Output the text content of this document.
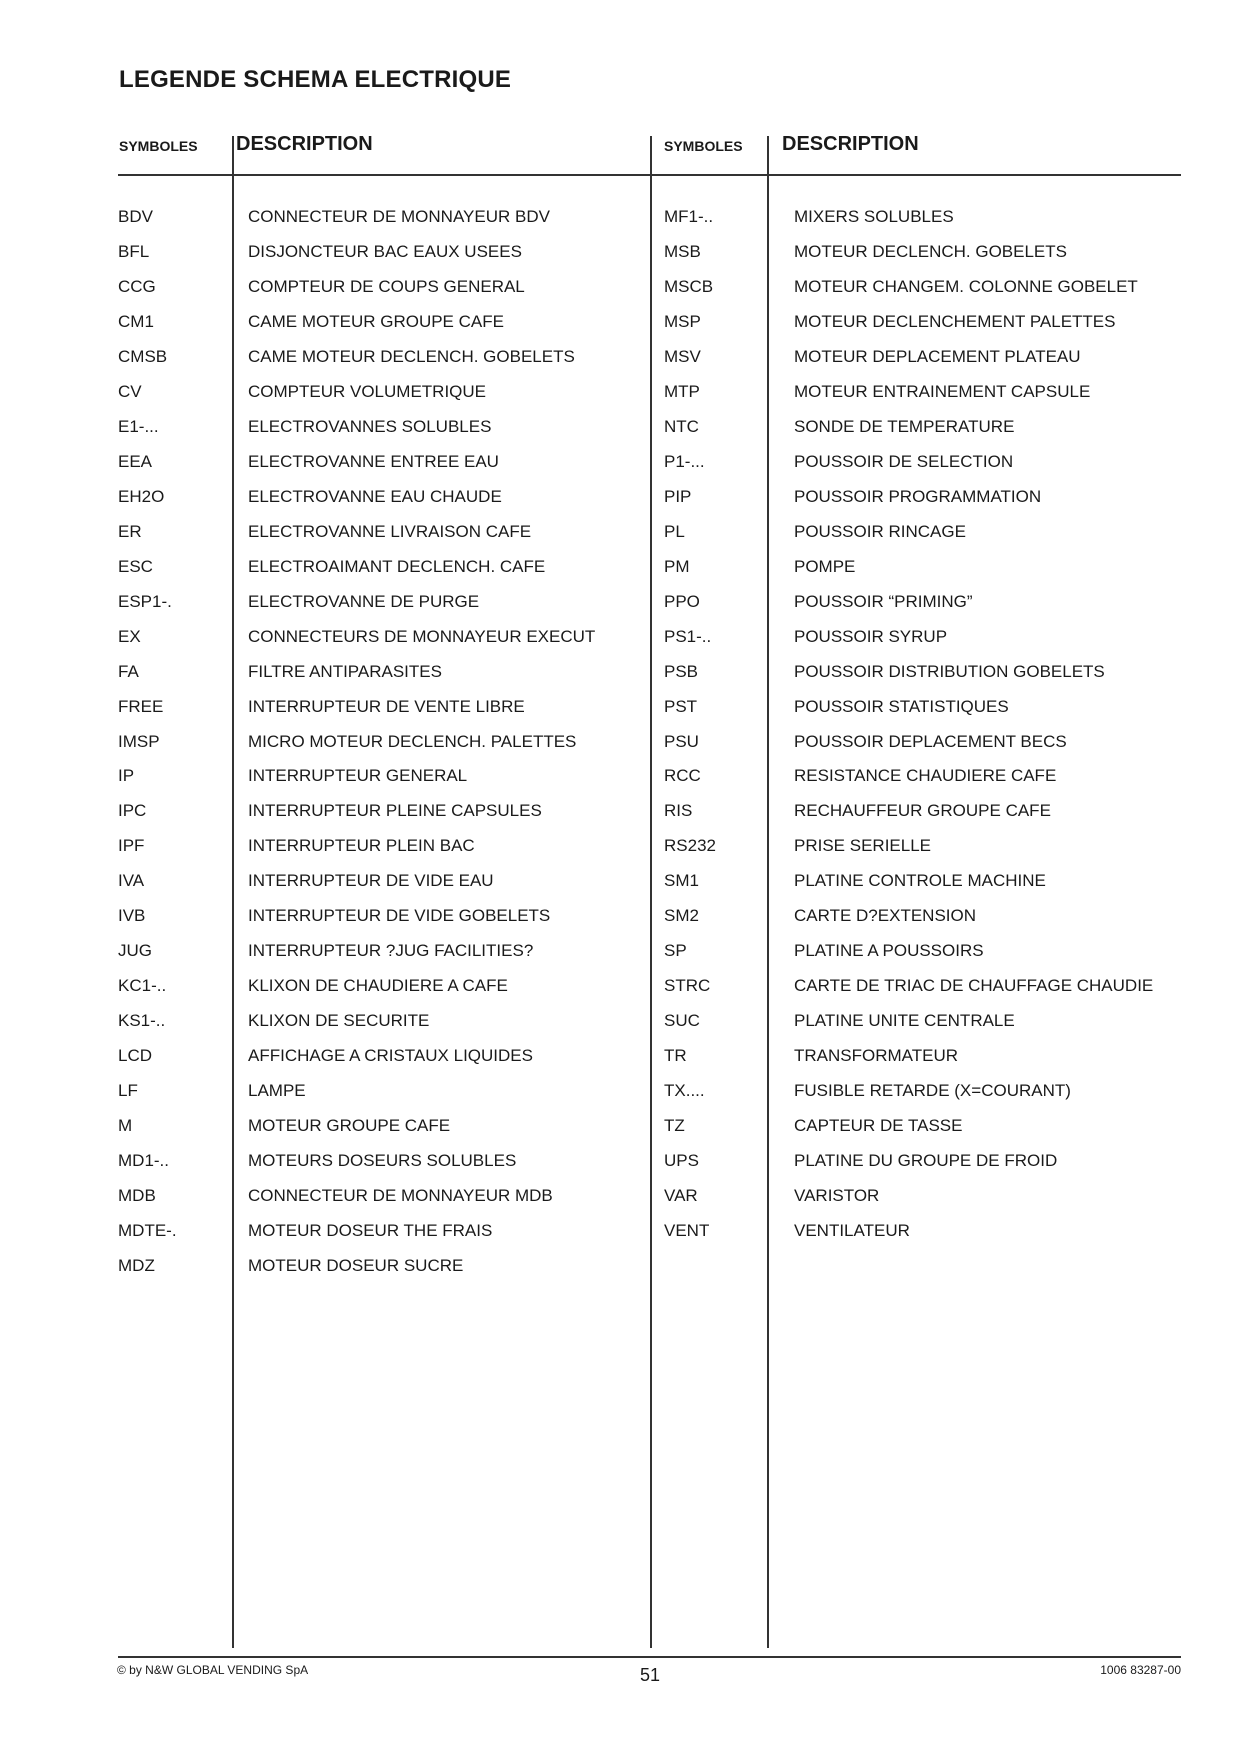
LEGENDE SCHEMA ELECTRIQUE
SYMBOLES DESCRIPTION	SYMBOLES DESCRIPTION
BDV	CONNECTEUR DE MONNAYEUR BDV
BFL	DISJONCTEUR BAC EAUX USEES
CCG	COMPTEUR DE COUPS GENERAL
CM1	CAME MOTEUR GROUPE CAFE
CMSB	CAME MOTEUR DECLENCH. GOBELETS
CV	COMPTEUR VOLUMETRIQUE
E1-...	ELECTROVANNES SOLUBLES
EEA	ELECTROVANNE ENTREE EAU
EH2O	ELECTROVANNE EAU CHAUDE
ER	ELECTROVANNE LIVRAISON CAFE
ESC	ELECTROAIMANT DECLENCH. CAFE
ESP1-.	ELECTROVANNE DE PURGE
EX	CONNECTEURS DE MONNAYEUR EXECUT
FA	FILTRE ANTIPARASITES
FREE	INTERRUPTEUR DE VENTE LIBRE
IMSP	MICRO MOTEUR DECLENCH. PALETTES
IP	INTERRUPTEUR GENERAL
IPC	INTERRUPTEUR PLEINE CAPSULES
IPF	INTERRUPTEUR PLEIN BAC
IVA	INTERRUPTEUR DE VIDE EAU
IVB	INTERRUPTEUR DE VIDE GOBELETS
JUG	INTERRUPTEUR ?JUG FACILITIES?
KC1-..	KLIXON DE CHAUDIERE A CAFE
KS1-..	KLIXON DE SECURITE
LCD	AFFICHAGE A CRISTAUX LIQUIDES
LF	LAMPE
M	MOTEUR GROUPE CAFE
MD1-..	MOTEURS DOSEURS SOLUBLES
MDB	CONNECTEUR DE MONNAYEUR MDB
MDTE-.	MOTEUR DOSEUR THE FRAIS
MDZ	MOTEUR DOSEUR SUCRE
MF1-..	MIXERS SOLUBLES
MSB	MOTEUR DECLENCH. GOBELETS
MSCB	MOTEUR CHANGEM. COLONNE GOBELET
MSP	MOTEUR DECLENCHEMENT PALETTES
MSV	MOTEUR DEPLACEMENT PLATEAU
MTP	MOTEUR ENTRAINEMENT CAPSULE
NTC	SONDE DE TEMPERATURE
P1-...	POUSSOIR DE SELECTION
PIP	POUSSOIR PROGRAMMATION
PL	POUSSOIR RINCAGE
PM	POMPE
PPO	POUSSOIR “PRIMING”
PS1-..	POUSSOIR SYRUP
PSB	POUSSOIR DISTRIBUTION GOBELETS
PST	POUSSOIR STATISTIQUES
PSU	POUSSOIR DEPLACEMENT BECS
RCC	RESISTANCE CHAUDIERE CAFE
RIS	RECHAUFFEUR GROUPE CAFE
RS232	PRISE SERIELLE
SM1	PLATINE CONTROLE MACHINE
SM2	CARTE D?EXTENSION
SP	PLATINE A POUSSOIRS
STRC	CARTE DE TRIAC DE CHAUFFAGE CHAUDIE
SUC	PLATINE UNITE CENTRALE
TR	TRANSFORMATEUR
TX....	FUSIBLE RETARDE (X=COURANT)
TZ	CAPTEUR DE TASSE
UPS	PLATINE DU GROUPE DE FROID
VAR	VARISTOR
VENT	VENTILATEUR
© by N&W GLOBAL VENDING SpA	51	1006 83287-00
